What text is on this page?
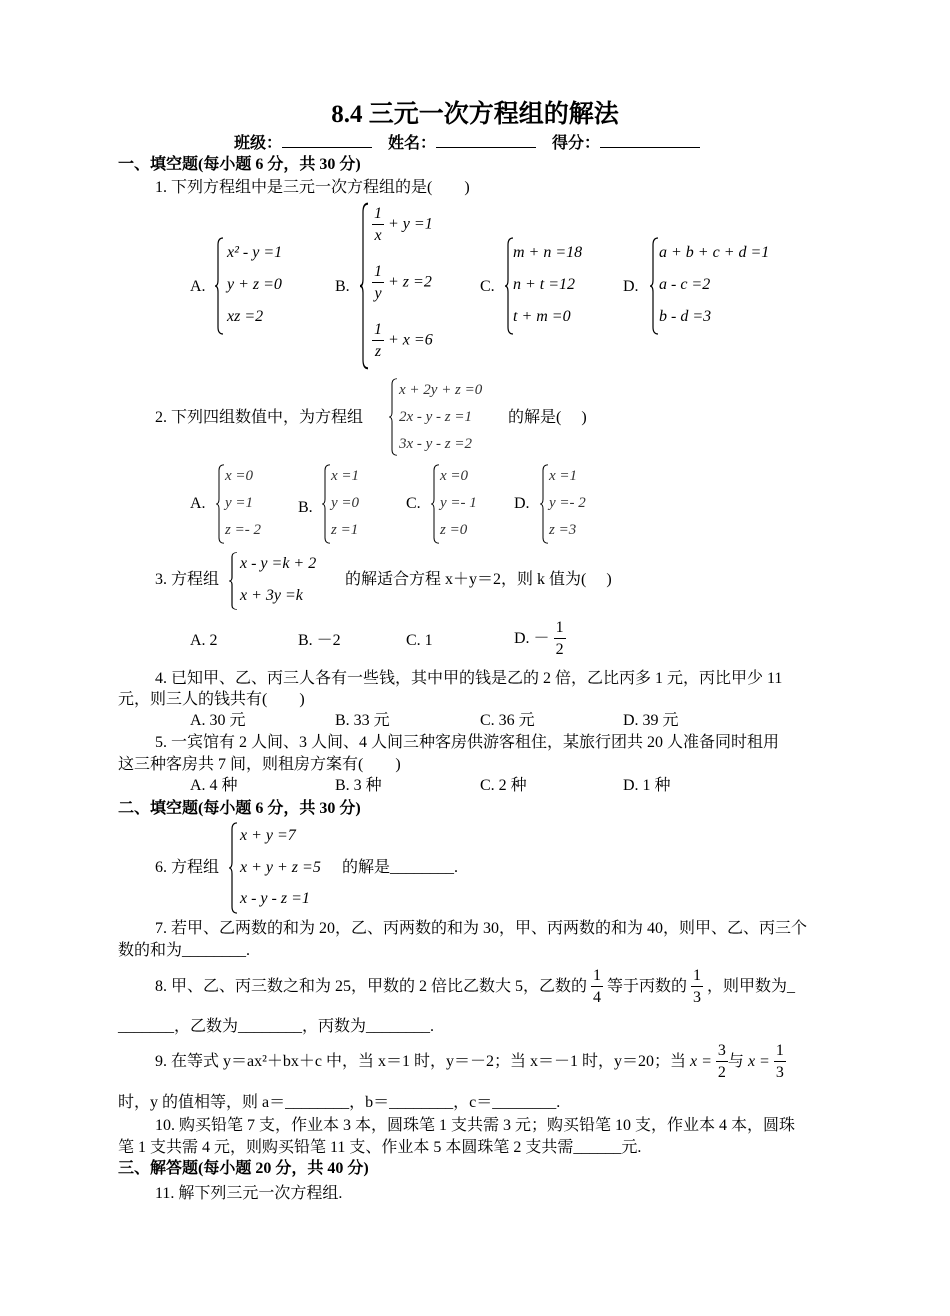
8.4 三元一次方程组的解法
班级：	姓名：	得分：
一、填空题(每小题 6 分，共 30 分)
1. 下列方程组中是三元一次方程组的是(　　)
A.
x² - y =1
y + z =0
xz =2
B.
$\frac{1}{x} + y =1$
$\frac{1}{y} + z =2$
$\frac{1}{z} + x =6$
C.
m + n =18
n + t =12
t + m =0
D.
a + b + c + d =1
a - c =2
b - d =3
2. 下列四组数值中，为方程组
x + 2y + z =0
2x - y - z =1
3x - y - z =2
的解是(　 )
A.
x =0
y =1
z =- 2
B.
x =1
y =0
z =1
C.
x =0
y =- 1
z =0
D.
x =1
y =- 2
z =3
3. 方程组
x - y =k + 2
x + 3y =k
的解适合方程 x＋y＝2，则 k 值为(　 )
A. 2	B. －2	C. 1	D. － $\frac{1}{2}$
4. 已知甲、乙、丙三人各有一些钱，其中甲的钱是乙的 2 倍，乙比丙多 1 元，丙比甲少 11
元，则三人的钱共有(　　)
A. 30 元	B. 33 元	C. 36 元	D. 39 元
5. 一宾馆有 2 人间、3 人间、4 人间三种客房供游客租住，某旅行团共 20 人准备同时租用
这三种客房共 7 间，则租房方案有(　　)
A. 4 种	B. 3 种	C. 2 种	D. 1 种
二、填空题(每小题 6 分，共 30 分)
6. 方程组
x + y =7
x + y + z =5
x - y - z =1
的解是________.
7. 若甲、乙两数的和为 20，乙、丙两数的和为 30，甲、丙两数的和为 40，则甲、乙、丙三个
数的和为________.
8. 甲、乙、丙三数之和为 25，甲数的 2 倍比乙数大 5，乙数的 $\frac{1}{4}$ 等于丙数的 $\frac{1}{3}$ ，则甲数为_
_______，乙数为________，丙数为________.
9. 在等式 y＝ax²＋bx＋c 中，当 x＝1 时，y＝－2；当 x＝－1 时，y＝20；当 $x = \frac{3}{2}$ 与 $x = \frac{1}{3}$
时，y 的值相等，则 a＝________，b＝________，c＝________.
10. 购买铅笔 7 支，作业本 3 本，圆珠笔 1 支共需 3 元；购买铅笔 10 支，作业本 4 本，圆珠
笔 1 支共需 4 元，则购买铅笔 11 支、作业本 5 本圆珠笔 2 支共需______元.
三、解答题(每小题 20 分，共 40 分)
11. 解下列三元一次方程组.
